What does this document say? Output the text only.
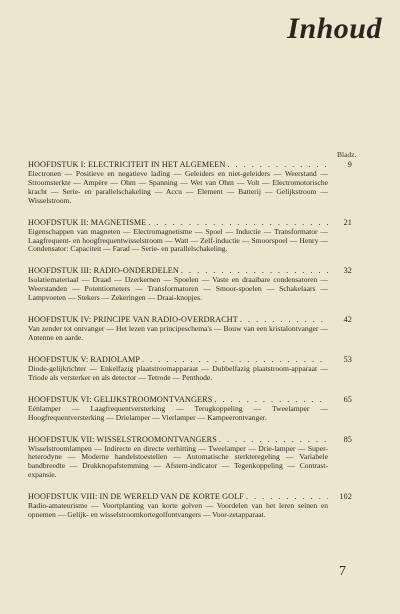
Inhoud
Bladz.
HOOFDSTUK I: ELECTRICITEIT IN HET ALGEMEEN . . .	9
Electronen — Positieve en negatieve lading — Geleiders en niet-geleiders — Weerstand — Stroomsterkte — Ampère — Ohm — Spanning — Wet van Ohm — Volt — Electromotorische kracht — Serie- en parallelschakeling — Accu — Element — Batterij — Gelijkstroom — Wisselstroom.
HOOFDSTUK II: MAGNETISME . . .	21
Eigenschappen van magneten — Electromagnetisme — Spoel — Inductie — Transformator — Laagfrequent- en hoogfrequentwisselstroom — Watt — Zelf-inductie — Smoorspoel — Henry — Condensator: Capaciteit — Farad — Serie- en parallelschakeling.
HOOFDSTUK III: RADIO-ONDERDELEN . . .	32
Isolatiemateriaal — Draad — IJzerkernen — Spoelen — Vaste en draaibare condensatoren — Weerstanden — Potentiometers — Transformatoren — Smoor-spoelen — Schakelaars — Lampvoeten — Stekers — Zekeringen — Draai-knopjes.
HOOFDSTUK IV: PRINCIPE VAN RADIO-OVERDRACHT . . .	42
Van zender tot ontvanger — Het lezen van principeschema's — Bouw van een kristalontvanger — Antenne en aarde.
HOOFDSTUK V: RADIOLAMP . . .	53
Diode-gelijkrichter — Enkelfazig plaatstroomapparaat — Dubbelfazig plaatstroom-apparaat — Triode als versterker en als detector — Tetrode — Penthode.
HOOFDSTUK VI: GELIJKSTROOMONTVANGERS . . .	65
Eénlamper — Laagfrequentversterking — Terugkoppeling — Tweelamper — Hoogfrequentversterking — Drielamper — Vierlamper — Kampeerontvanger.
HOOFDSTUK VII: WISSELSTROOMONTVANGERS . . .	85
Wisselstroomlampen — Indirecte en directe verhitting — Tweelamper — Drie-lamper — Super-heterodyne — Moderne handelstoestellen — Automatische sterkteregeling — Variabele bandbreedte — Drukknopafstemming — Afstem-indicator — Tegenkoppeling — Contrast-expansie.
HOOFDSTUK VIII: IN DE WERELD VAN DE KORTE GOLF . . .	102
Radio-amateurisme — Voortplanting van korte golven — Voordelen van het leren seinen en opnemen — Gelijk- en wisselstroomkortegolfontvangers — Voor-zetapparaat.
7
